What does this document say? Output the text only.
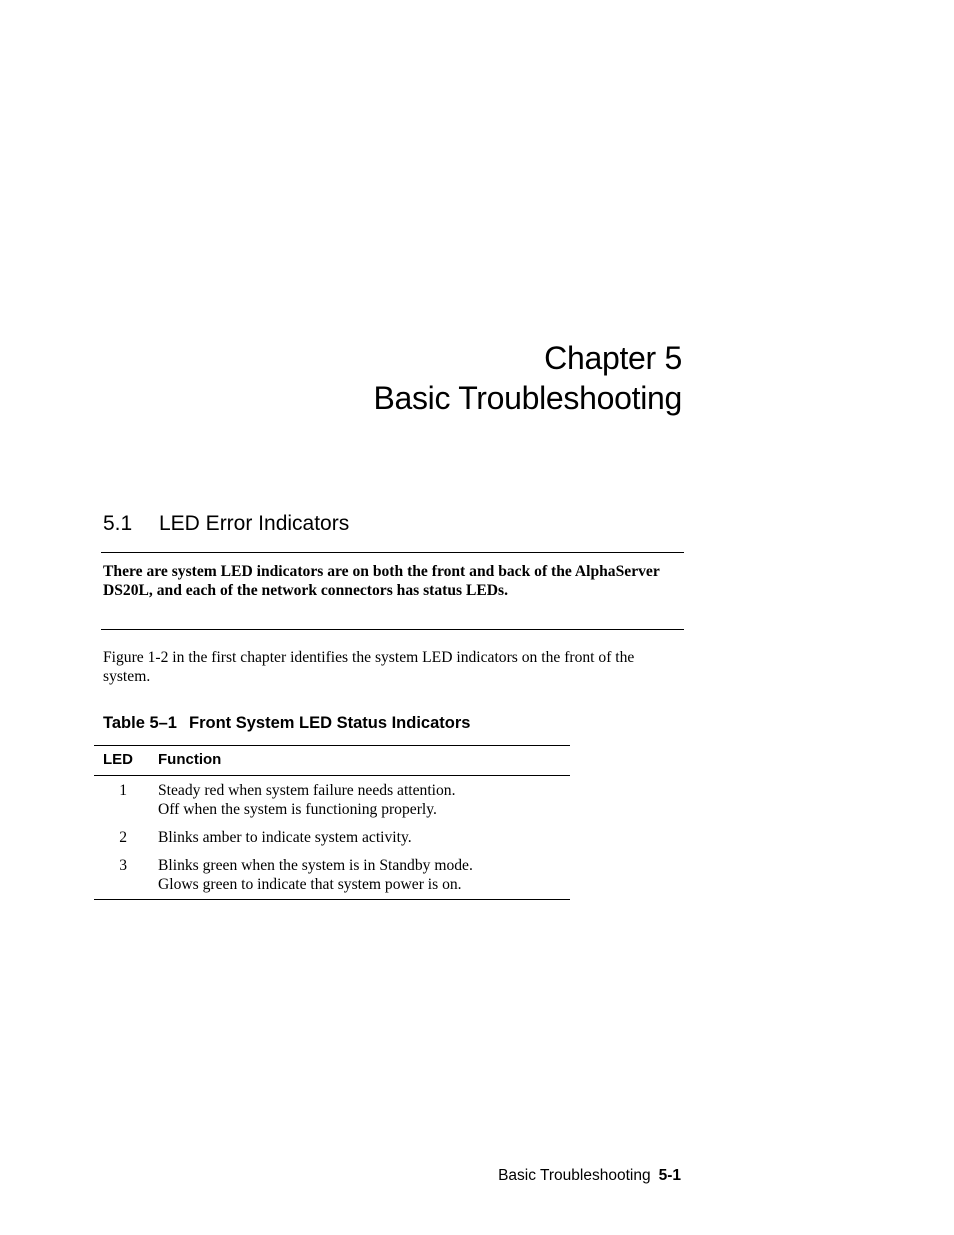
Chapter 5
Basic Troubleshooting
5.1 LED Error Indicators
There are system LED indicators are on both the front and back of the AlphaServer DS20L, and each of the network connectors has status LEDs.
Figure 1-2 in the first chapter identifies the system LED indicators on the front of the system.
Table 5–1 Front System LED Status Indicators
LED Function
1 Steady red when system failure needs attention.
Off when the system is functioning properly.
2 Blinks amber to indicate system activity.
3 Blinks green when the system is in Standby mode.
Glows green to indicate that system power is on.
Basic Troubleshooting 5-1
